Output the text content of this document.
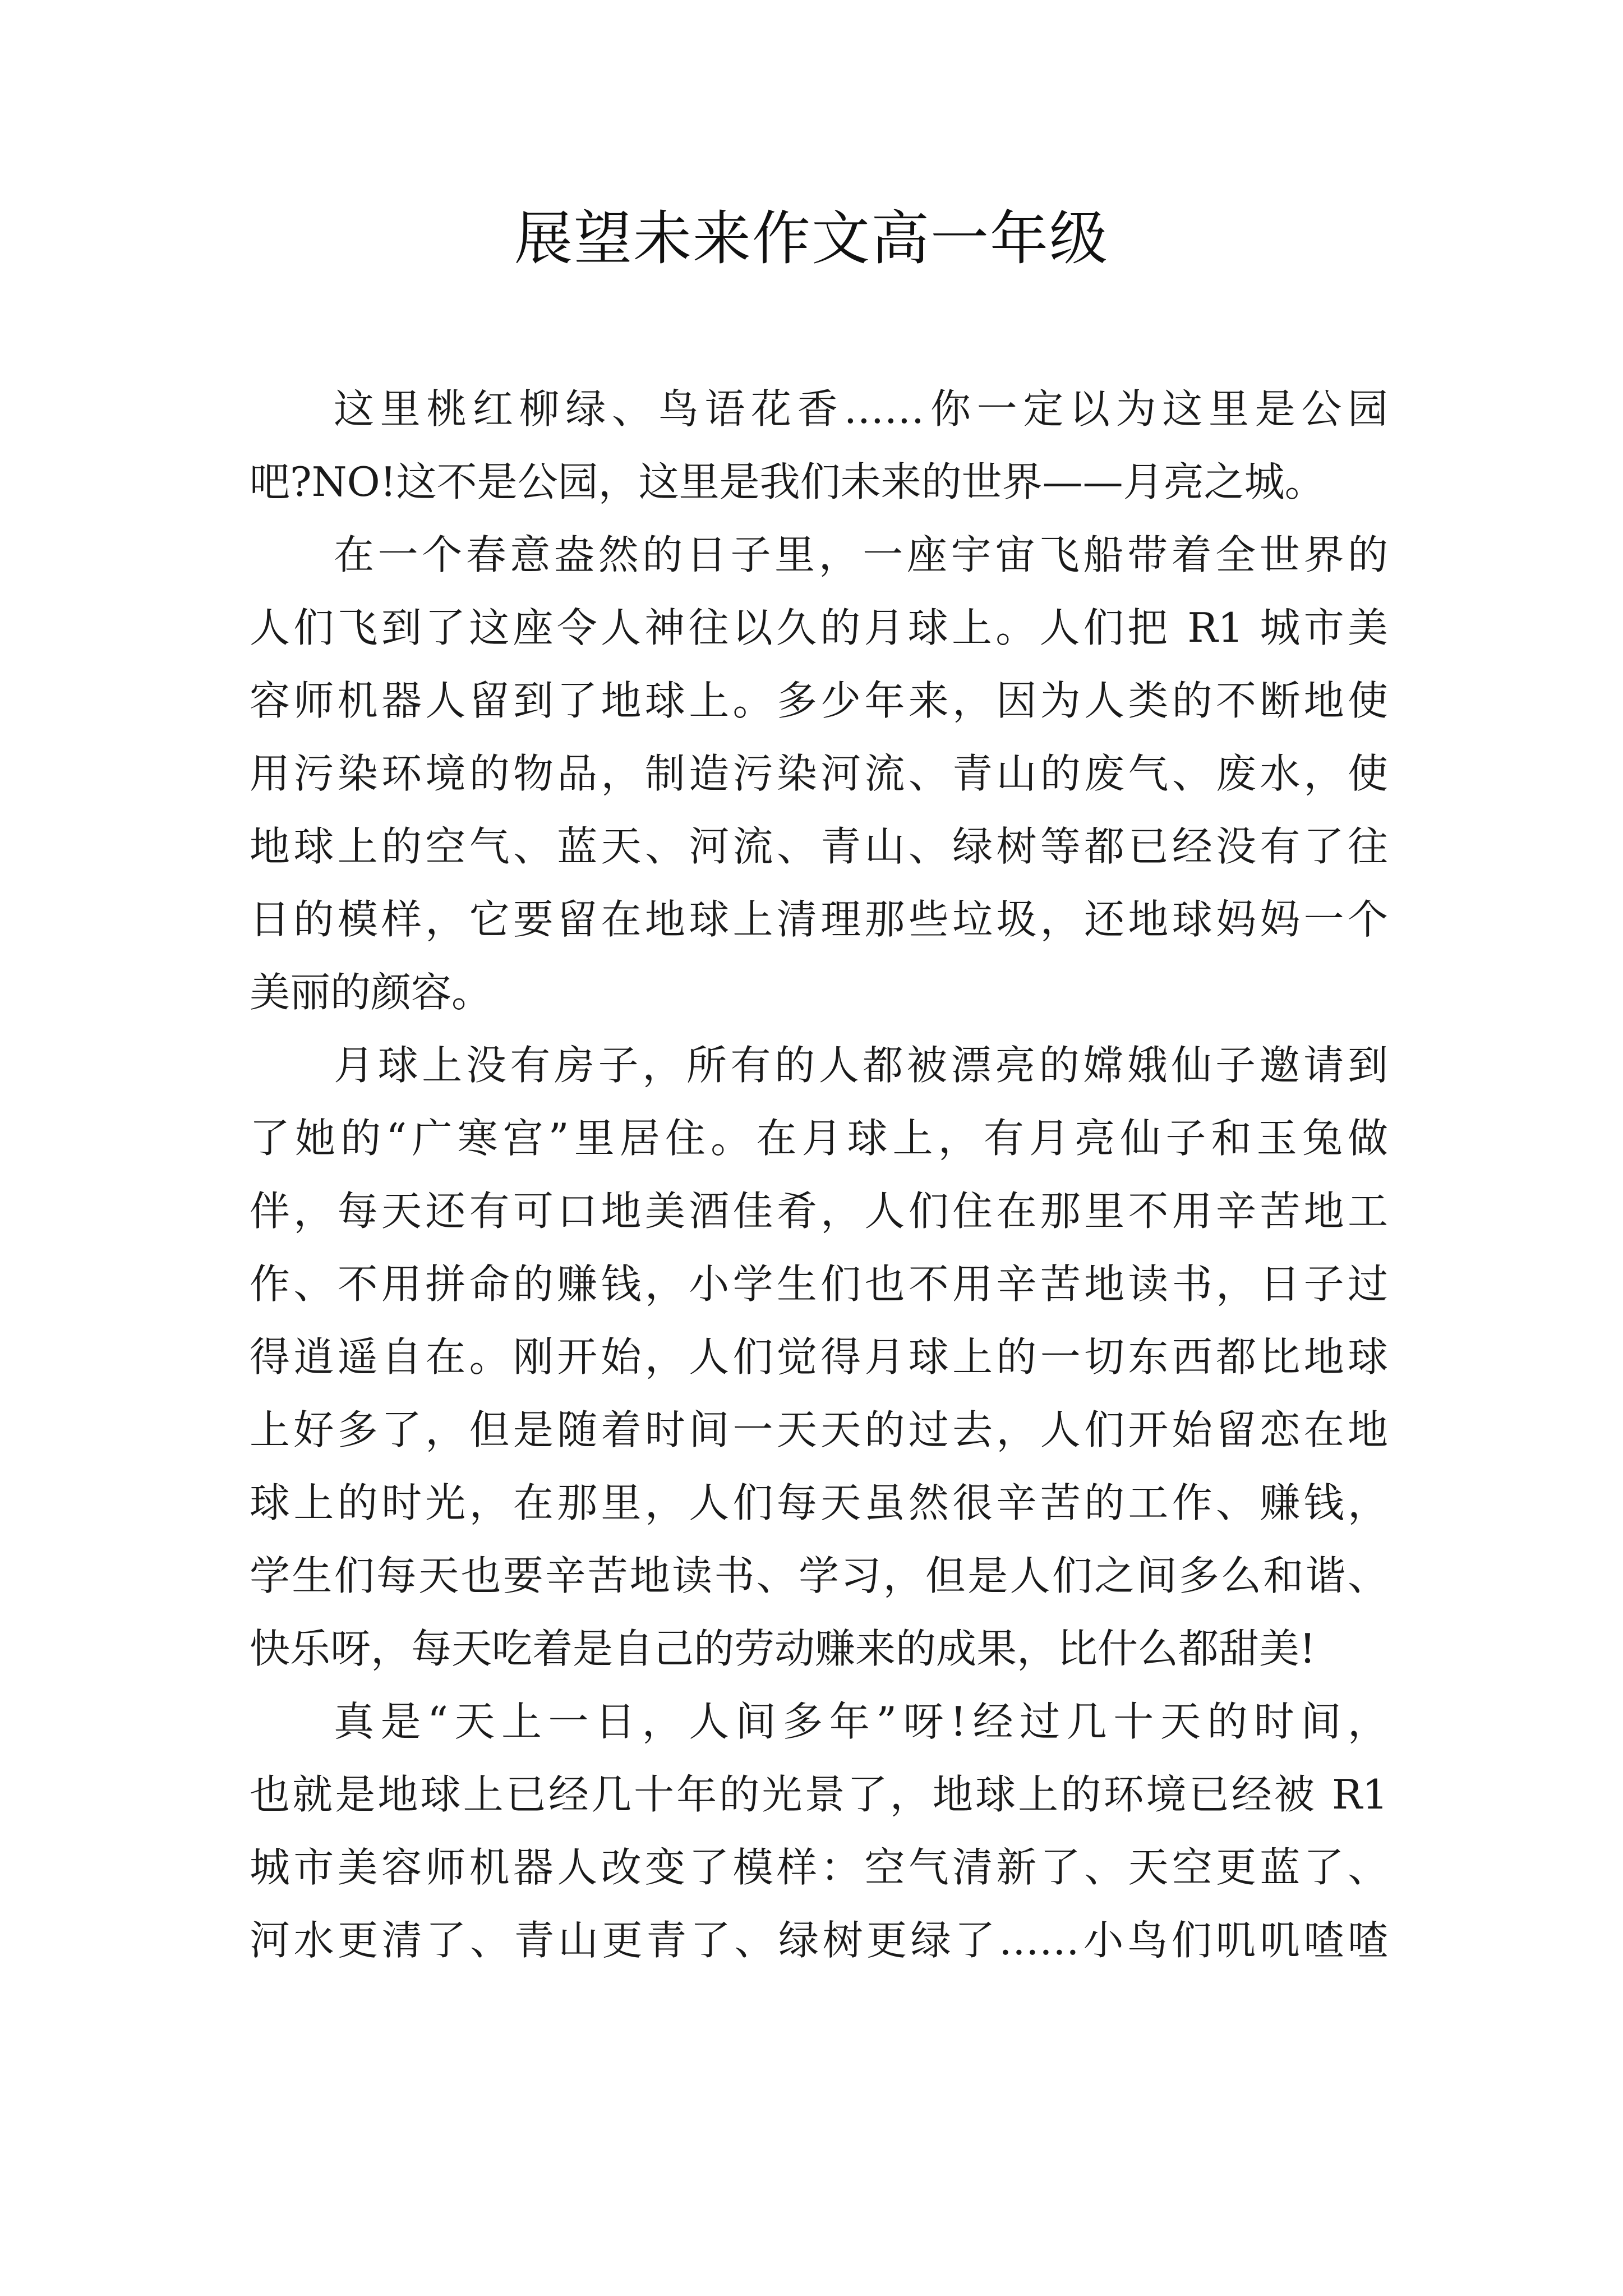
展望未来作文高一年级
这里桃红柳绿、鸟语花香……你一定以为这里是公园
吧?NO!这不是公园，这里是我们未来的世界——月亮之城。
在一个春意盎然的日子里，一座宇宙飞船带着全世界的
人们飞到了这座令人神往以久的月球上。人们把 R1 城市美
容师机器人留到了地球上。多少年来，因为人类的不断地使
用污染环境的物品，制造污染河流、青山的废气、废水，使
地球上的空气、蓝天、河流、青山、绿树等都已经没有了往
日的模样，它要留在地球上清理那些垃圾，还地球妈妈一个
美丽的颜容。
月球上没有房子，所有的人都被漂亮的嫦娥仙子邀请到
了她的“广寒宫”里居住。在月球上，有月亮仙子和玉兔做
伴，每天还有可口地美酒佳肴，人们住在那里不用辛苦地工
作、不用拼命的赚钱，小学生们也不用辛苦地读书，日子过
得逍遥自在。刚开始，人们觉得月球上的一切东西都比地球
上好多了，但是随着时间一天天的过去，人们开始留恋在地
球上的时光，在那里，人们每天虽然很辛苦的工作、赚钱，
学生们每天也要辛苦地读书、学习，但是人们之间多么和谐、
快乐呀，每天吃着是自己的劳动赚来的成果，比什么都甜美!
真是“天上一日，人间多年”呀!经过几十天的时间，
也就是地球上已经几十年的光景了，地球上的环境已经被 R1
城市美容师机器人改变了模样：空气清新了、天空更蓝了、
河水更清了、青山更青了、绿树更绿了……小鸟们叽叽喳喳
